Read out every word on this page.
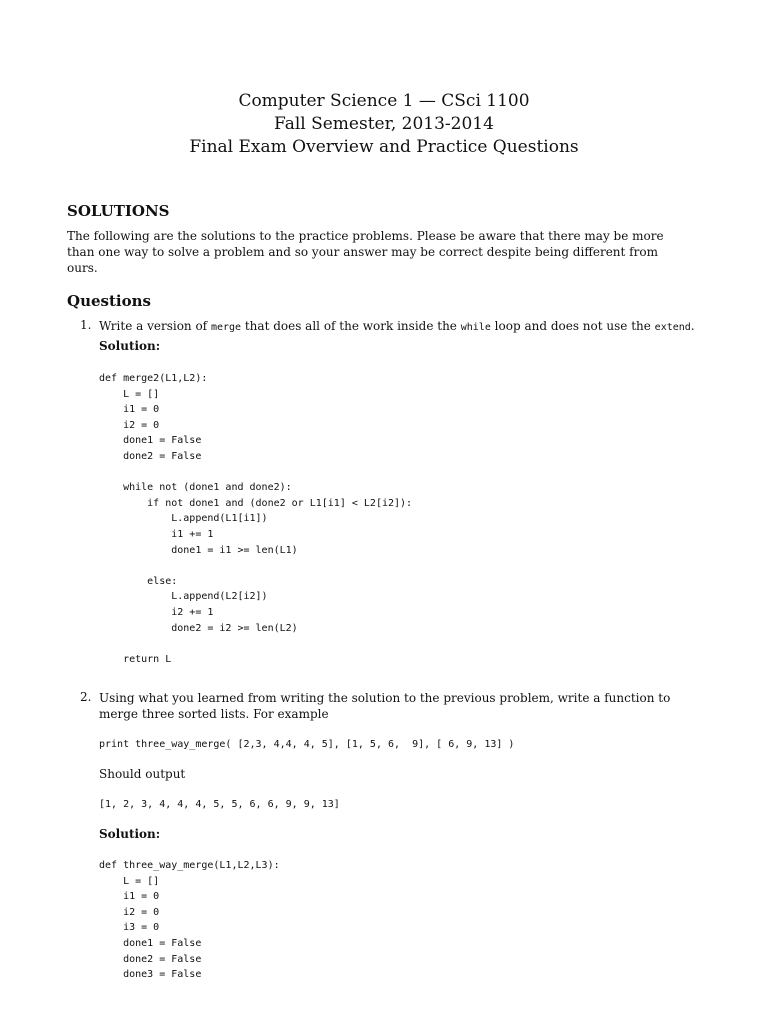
Computer Science 1 — CSci 1100
Fall Semester, 2013-2014
Final Exam Overview and Practice Questions
SOLUTIONS
The following are the solutions to the practice problems. Please be aware that there may be more than one way to solve a problem and so your answer may be correct despite being different from ours.
Questions
1. Write a version of merge that does all of the work inside the while loop and does not use the extend.
Solution:
def merge2(L1,L2):
L = []
i1 = 0
i2 = 0
done1 = False
done2 = False

while not (done1 and done2):
if not done1 and (done2 or L1[i1] < L2[i2]):
L.append(L1[i1])
i1 += 1
done1 = i1 >= len(L1)

else:
L.append(L2[i2])
i2 += 1
done2 = i2 >= len(L2)

return L
2. Using what you learned from writing the solution to the previous problem, write a function to merge three sorted lists. For example
print three_way_merge( [2,3, 4,4, 4, 5], [1, 5, 6,  9], [ 6, 9, 13] )
Should output
[1, 2, 3, 4, 4, 4, 5, 5, 6, 6, 9, 9, 13]
Solution:
def three_way_merge(L1,L2,L3):
L = []
i1 = 0
i2 = 0
i3 = 0
done1 = False
done2 = False
done3 = False
